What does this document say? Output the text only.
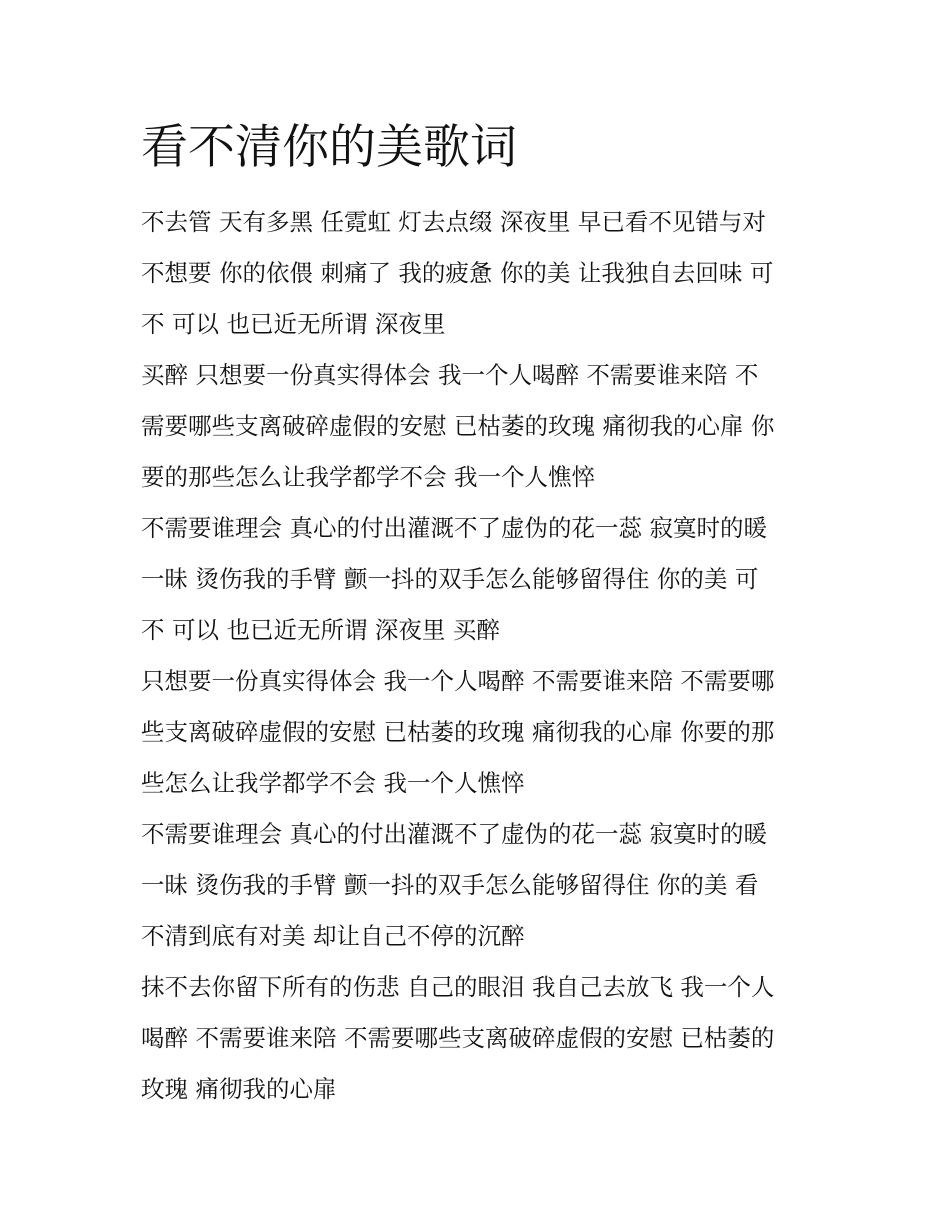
看不清你的美歌词
不去管 天有多黑 任霓虹 灯去点缀 深夜里 早已看不见错与对
不想要 你的依偎 刺痛了 我的疲惫 你的美 让我独自去回味 可
不 可以 也已近无所谓 深夜里
买醉 只想要一份真实得体会 我一个人喝醉 不需要谁来陪 不
需要哪些支离破碎虚假的安慰 已枯萎的玫瑰 痛彻我的心扉 你
要的那些怎么让我学都学不会 我一个人憔悴
不需要谁理会 真心的付出灌溉不了虚伪的花一蕊 寂寞时的暖
一昧 烫伤我的手臂 颤一抖的双手怎么能够留得住 你的美 可
不 可以 也已近无所谓 深夜里 买醉
只想要一份真实得体会 我一个人喝醉 不需要谁来陪 不需要哪
些支离破碎虚假的安慰 已枯萎的玫瑰 痛彻我的心扉 你要的那
些怎么让我学都学不会 我一个人憔悴
不需要谁理会 真心的付出灌溉不了虚伪的花一蕊 寂寞时的暖
一昧 烫伤我的手臂 颤一抖的双手怎么能够留得住 你的美 看
不清到底有对美 却让自己不停的沉醉
抹不去你留下所有的伤悲 自己的眼泪 我自己去放飞 我一个人
喝醉 不需要谁来陪 不需要哪些支离破碎虚假的安慰 已枯萎的
玫瑰 痛彻我的心扉
